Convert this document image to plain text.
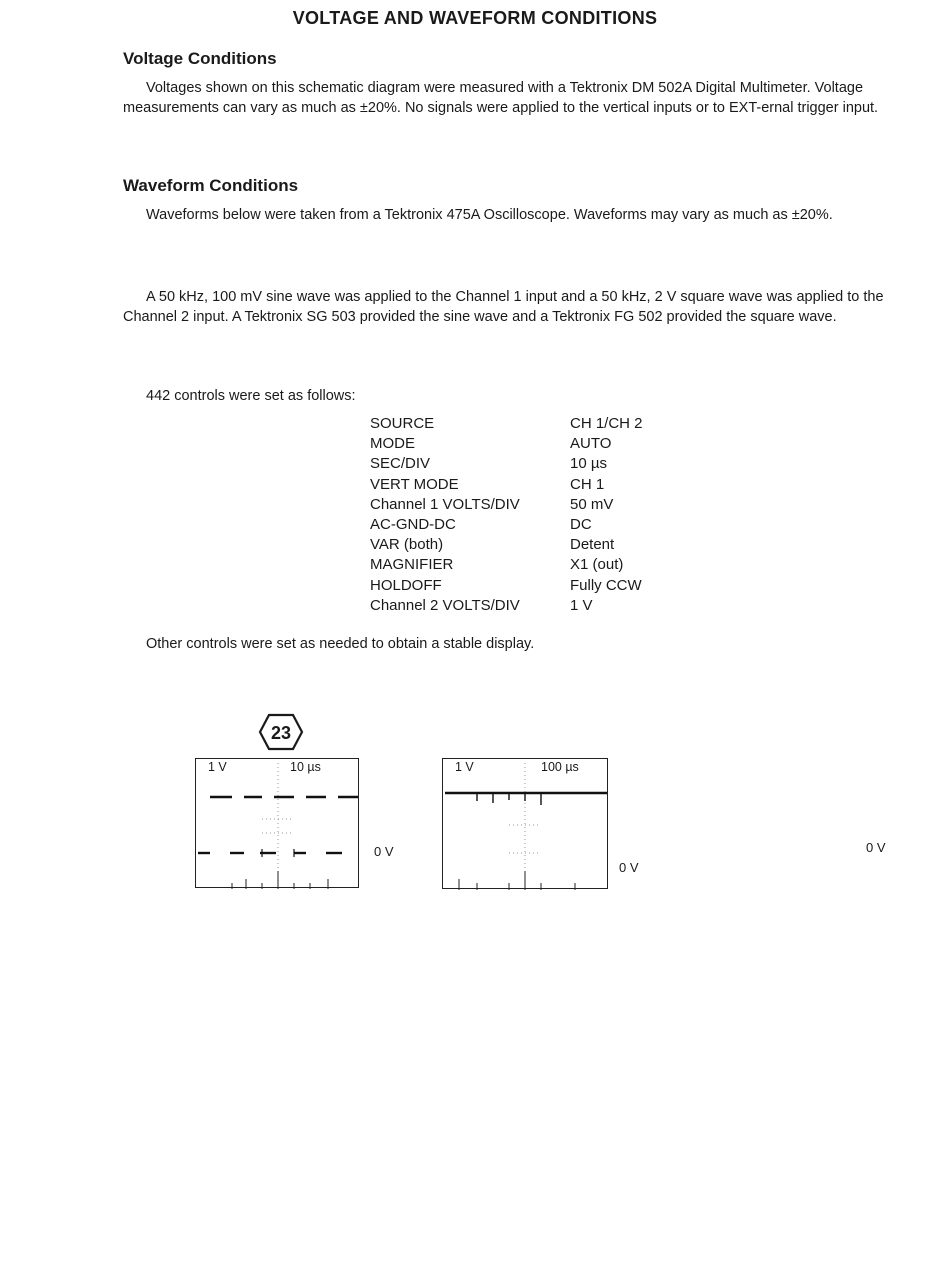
VOLTAGE AND WAVEFORM CONDITIONS
Voltage Conditions

Voltages shown on this schematic diagram were measured with a Tektronix DM 502A Digital Multimeter. Voltage measurements can vary as much as ±20%. No signals were applied to the vertical inputs or to EXT-ernal trigger input.

Waveform Conditions

Waveforms below were taken from a Tektronix 475A Oscilloscope. Waveforms may vary as much as ±20%.

A 50 kHz, 100 mV sine wave was applied to the Channel 1 input and a 50 kHz, 2 V square wave was applied to the Channel 2 input. A Tektronix SG 503 provided the sine wave and a Tektronix FG 502 provided the square wave.

442 controls were set as follows:
SOURCE	CH 1/CH 2
MODE	AUTO
SEC/DIV	10 µs
VERT MODE	CH 1
Channel 1 VOLTS/DIV	50 mV
AC-GND-DC	DC
VAR (both)	Detent
MAGNIFIER	X1 (out)
HOLDOFF	Fully CCW
Channel 2 VOLTS/DIV	1 V
Other controls were set as needed to obtain a stable display.
23
1 V	10 µs
0 V
1 V	100 µs
0 V
0 V
